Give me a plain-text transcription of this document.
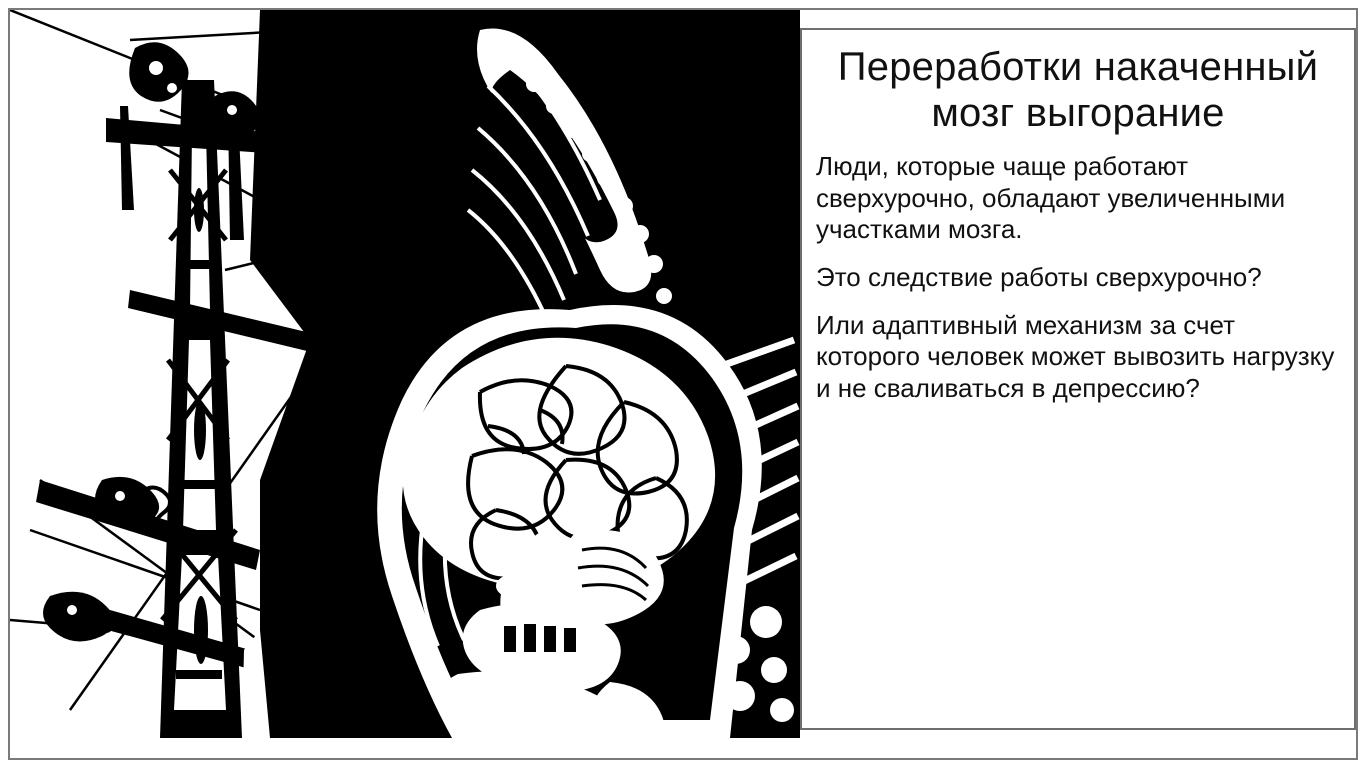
Переработки накаченный мозг выгорание

Люди, которые чаще работают сверхурочно, обладают увеличенными участками мозга.

Это следствие работы сверхурочно?

Или адаптивный механизм за счет которого человек может вывозить нагрузку и не сваливаться в депрессию?
